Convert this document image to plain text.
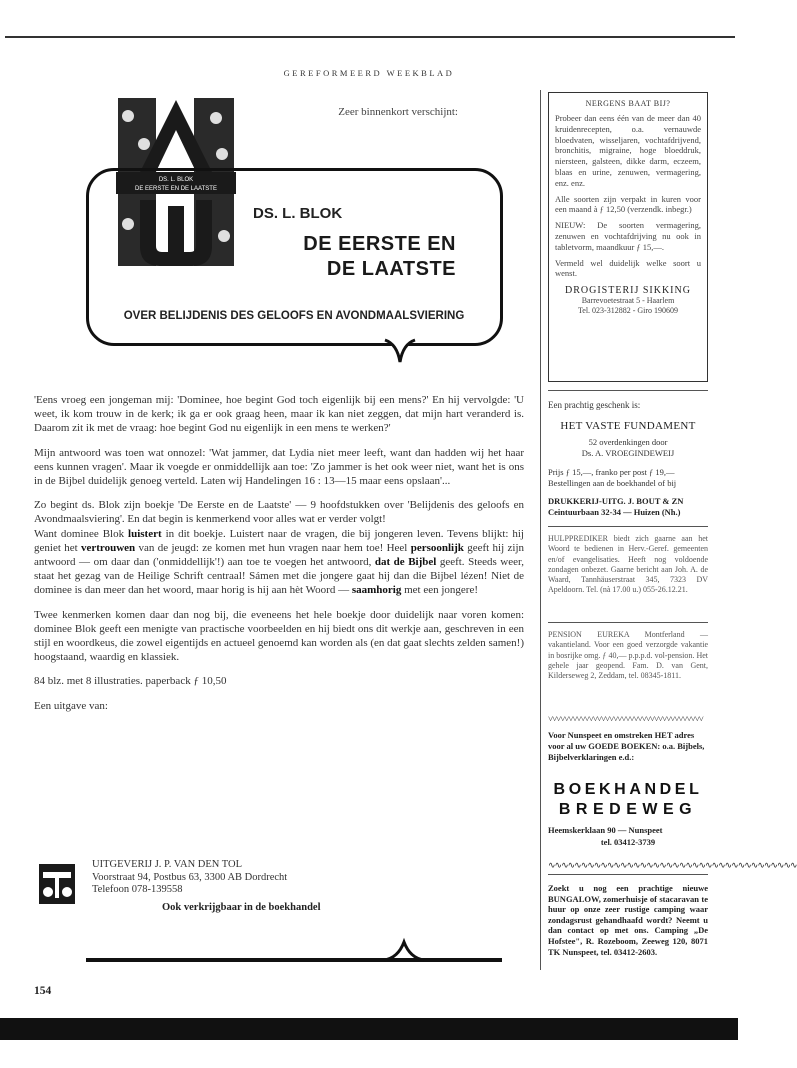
GEREFORMEERD WEEKBLAD
DS. L. BLOK
DE EERSTE EN DE LAATSTE
Zeer binnenkort verschijnt:
DS. L. BLOK
DE EERSTE EN
DE LAATSTE
OVER BELIJDENIS DES GELOOFS EN AVONDMAALSVIERING

'Eens vroeg een jongeman mij: 'Dominee, hoe begint God toch eigenlijk bij een mens?' En hij vervolgde: 'U weet, ik kom trouw in de kerk; ik ga er ook graag heen, maar ik kan niet zeggen, dat mijn hart veranderd is. Daarom zit ik met de vraag: hoe begint God nu eigenlijk in een mens te werken?'

Mijn antwoord was toen wat onnozel: 'Wat jammer, dat Lydia niet meer leeft, want dan hadden wij het haar eens kunnen vragen'. Maar ik voegde er onmiddellijk aan toe: 'Zo jammer is het ook weer niet, want het is ons in de Bijbel duidelijk genoeg verteld. Laten wij Handelingen 16 : 13—15 maar eens opslaan'...

Zo begint ds. Blok zijn boekje 'De Eerste en de Laatste' — 9 hoofdstukken over 'Belijdenis des geloofs en Avondmaalsviering'. En dat begin is kenmerkend voor alles wat er verder volgt!

Want dominee Blok luistert in dit boekje. Luistert naar de vragen, die bij jongeren leven. Tevens blijkt: hij geniet het vertrouwen van de jeugd: ze komen met hun vragen naar hem toe! Heel persoonlijk geeft hij zijn antwoord — om daar dan ('onmiddellijk'!) aan toe te voegen het antwoord, dat de Bijbel geeft. Steeds weer, staat het gezag van de Heilige Schrift centraal! Sámen met die jongere gaat hij dan die Bijbel lézen! Niet de dominee is dan meer dan het woord, maar horig is hij aan hèt Woord — saamhorig met een jongere!

Twee kenmerken komen daar dan nog bij, die eveneens het hele boekje door duidelijk naar voren komen: dominee Blok geeft een menigte van practische voorbeelden en hij biedt ons dit werkje aan, geschreven in een stijl en woordkeus, die zowel eigentijds en actueel genoemd kan worden als (en dat gaat slechts zelden samen!) hoogstaand, waardig en klassiek.

84 blz. met 8 illustraties. paperback ƒ 10,50

Een uitgave van:

UITGEVERIJ J. P. VAN DEN TOL
Voorstraat 94, Postbus 63, 3300 AB Dordrecht
Telefoon 078-139558
Ook verkrijgbaar in de boekhandel
154
NERGENS BAAT BIJ?

Probeer dan eens één van de meer dan 40 kruidenrecepten, o.a. vernauwde bloedvaten, wisseljaren, vochtafdrijvend, bronchitis, migraine, hoge bloeddruk, niersteen, galsteen, dikke darm, eczeem, blaas en urine, zenuwen, vermagering, enz. enz.

Alle soorten zijn verpakt in kuren voor een maand à ƒ 12,50 (verzendk. inbegr.)

NIEUW: De soorten vermagering, zenuwen en vochtafdrijving nu ook in tabletvorm, maandkuur ƒ 15,—.

Vermeld wel duidelijk welke soort u wenst.

DROGISTERIJ SIKKING
Barrevoetestraat 5 - Haarlem
Tel. 023-312882 - Giro 190609
Een prachtig geschenk is:
HET VASTE FUNDAMENT
52 overdenkingen door
Ds. A. VROEGINDEWEIJ
Prijs ƒ 15,—, franko per post ƒ 19,— Bestellingen aan de boekhandel of bij
DRUKKERIJ-UITG. J. BOUT & ZN Ceintuurbaan 32-34 — Huizen (Nh.)
HULPPREDIKER biedt zich gaarne aan het Woord te bedienen in Herv.-Geref. gemeenten en/of evangelisaties. Heeft nog voldoende zondagen onbezet. Gaarne bericht aan Joh. A. de Waard, Tannhäuserstraat 345, 7323 DV Apeldoorn. Tel. (nà 17.00 u.) 055-26.12.21.
PENSION EUREKA Montferland — vakantieland. Voor een goed verzorgde vakantie in bosrijke omg. ƒ 40,— p.p.p.d. vol-pension. Het gehele jaar geopend. Fam. D. van Gent, Kilderseweg 2, Zeddam, tel. 08345-1811.
˅˅˅˅˅˅˅˅˅˅˅˅˅˅˅˅˅˅˅˅˅˅˅˅˅˅˅˅˅˅˅˅˅˅˅˅˅˅
Voor Nunspeet en omstreken HET adres voor al uw GOEDE BOEKEN: o.a. Bijbels, Bijbelverklaringen e.d.:
BOEKHANDEL
BREDEWEG
Heemskerklaan 90 — Nunspeet
tel. 03412-3739
∿∿∿∿∿∿∿∿∿∿∿∿∿∿∿∿∿∿∿∿∿∿∿∿∿∿∿∿∿∿∿∿∿∿∿∿∿∿
Zoekt u nog een prachtige nieuwe BUNGALOW, zomerhuisje of stacaravan te huur op onze zeer rustige camping waar zondagsrust gehandhaafd wordt? Neemt u dan contact op met ons. Camping „De Hofstee", R. Rozeboom, Zeeweg 120, 8071 TK Nunspeet, tel. 03412-2603.
